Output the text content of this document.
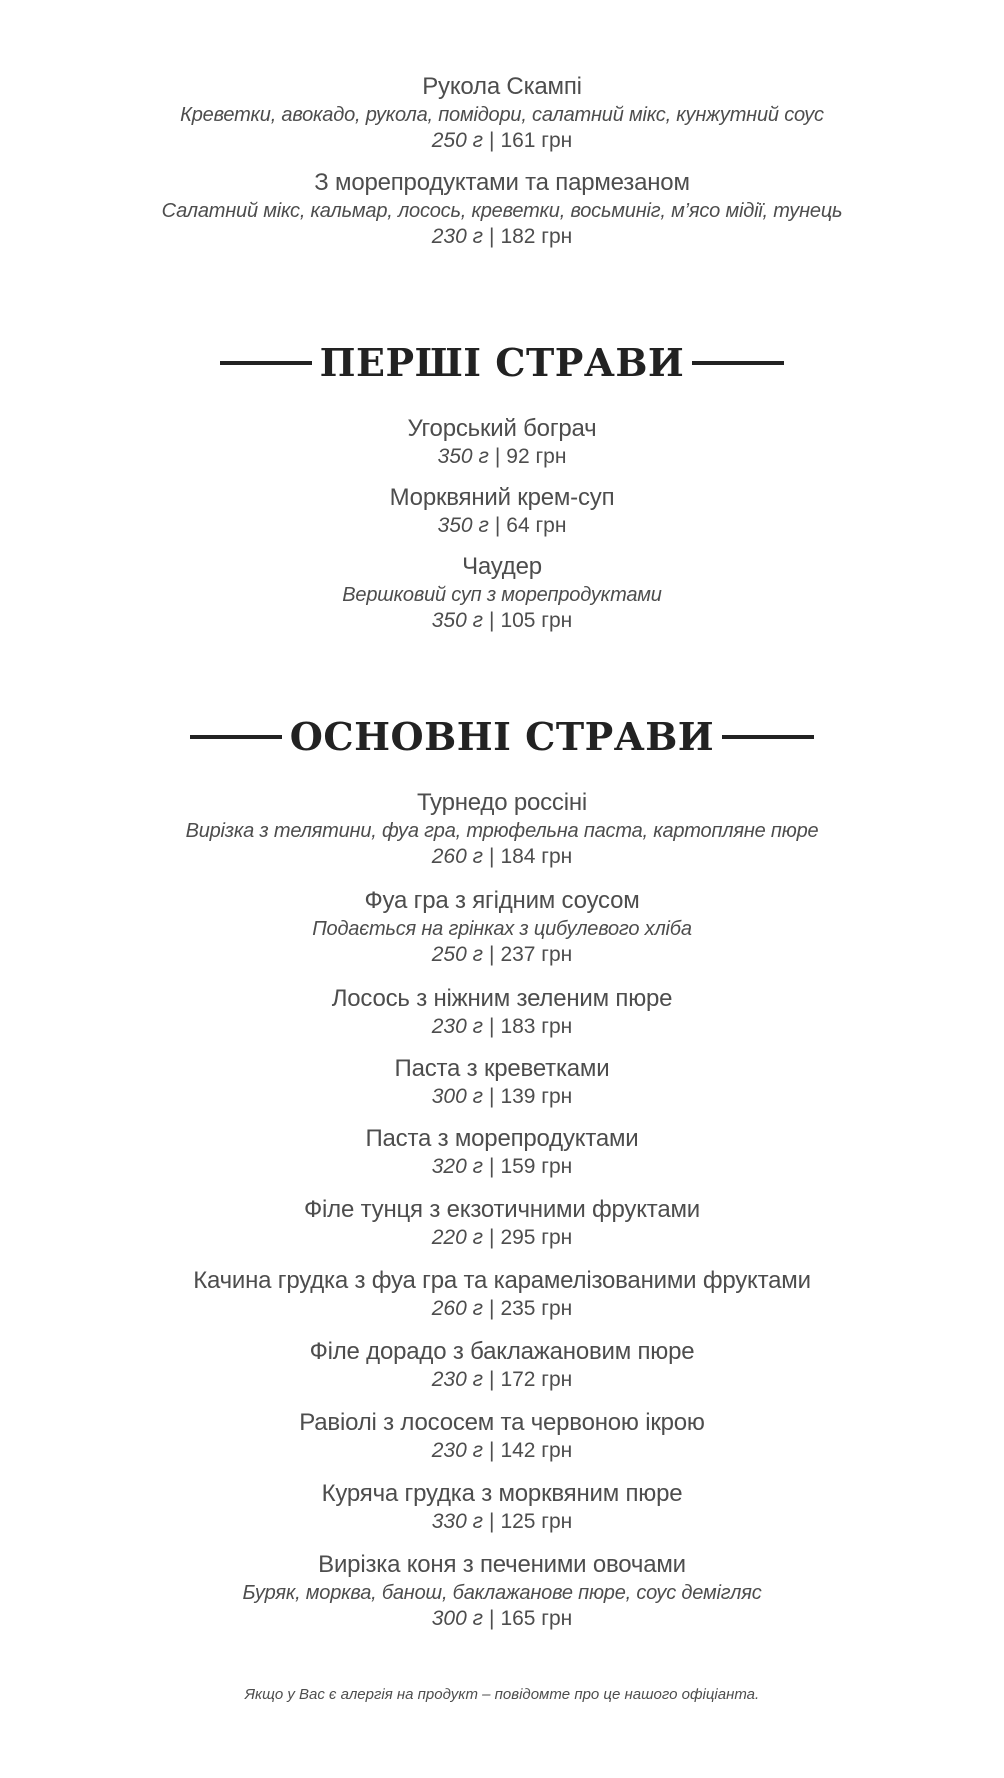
Рукола Скампі
Креветки, авокадо, рукола, помідори, салатний мікс, кунжутний соус
250 г | 161 грн
З морепродуктами та пармезаном
Салатний мікс, кальмар, лосось, креветки, восьминіг, м’ясо мідії, тунець
230 г | 182 грн
ПЕРШІ СТРАВИ
Угорський бограч
350 г | 92 грн
Морквяний крем-суп
350 г | 64 грн
Чаудер
Вершковий суп з морепродуктами
350 г | 105 грн
ОСНОВНІ СТРАВИ
Турнедо россіні
Вирізка з телятини, фуа гра, трюфельна паста, картопляне пюре
260 г | 184 грн
Фуа гра з ягідним соусом
Подається на грінках з цибулевого хліба
250 г | 237 грн
Лосось з ніжним зеленим пюре
230 г | 183 грн
Паста з креветками
300 г | 139 грн
Паста з морепродуктами
320 г | 159 грн
Філе тунця з екзотичними фруктами
220 г | 295 грн
Качина грудка з фуа гра та карамелізованими фруктами
260 г | 235 грн
Філе дорадо з баклажановим пюре
230 г | 172 грн
Равіолі з лососем та червоною ікрою
230 г | 142 грн
Куряча грудка з морквяним пюре
330 г | 125 грн
Вирізка коня з печеними овочами
Буряк, морква, банош, баклажанове пюре, соус демігляс
300 г | 165 грн
Якщо у Вас є алергія на продукт – повідомте про це нашого офіціанта.
